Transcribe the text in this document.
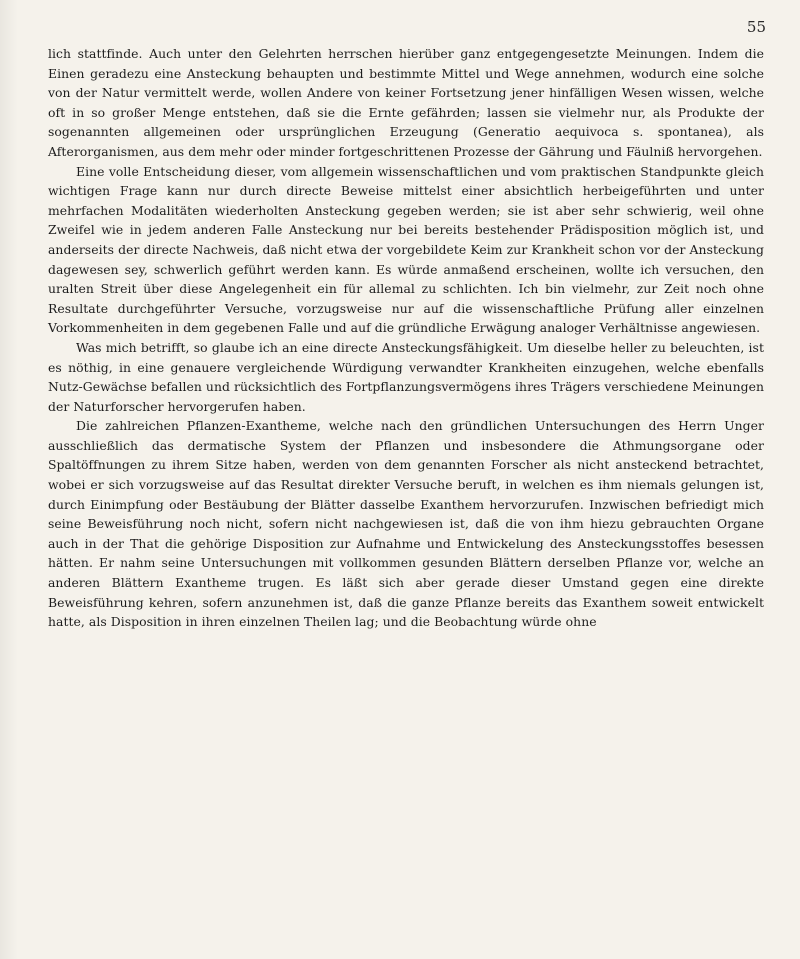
55

lich stattfinde. Auch unter den Gelehrten herrschen hierüber ganz entgegengesetzte Meinungen. Indem die Einen geradezu eine Ansteckung behaupten und bestimmte Mittel und Wege annehmen, wodurch eine solche von der Natur vermittelt werde, wollen Andere von keiner Fortsetzung jener hinfälligen Wesen wissen, welche oft in so großer Menge entstehen, daß sie die Ernte gefährden; lassen sie vielmehr nur, als Produkte der sogenannten allgemeinen oder ursprünglichen Erzeugung (Generatio aequivoca s. spontanea), als Afterorganismen, aus dem mehr oder minder fortgeschrittenen Prozesse der Gährung und Fäulniß hervorgehen.

Eine volle Entscheidung dieser, vom allgemein wissenschaftlichen und vom praktischen Standpunkte gleich wichtigen Frage kann nur durch directe Beweise mittelst einer absichtlich herbeigeführten und unter mehrfachen Modalitäten wiederholten Ansteckung gegeben werden; sie ist aber sehr schwierig, weil ohne Zweifel wie in jedem anderen Falle Ansteckung nur bei bereits bestehender Prädisposition möglich ist, und anderseits der directe Nachweis, daß nicht etwa der vorgebildete Keim zur Krankheit schon vor der Ansteckung dagewesen sey, schwerlich geführt werden kann. Es würde anmaßend erscheinen, wollte ich versuchen, den uralten Streit über diese Angelegenheit ein für allemal zu schlichten. Ich bin vielmehr, zur Zeit noch ohne Resultate durchgeführter Versuche, vorzugsweise nur auf die wissenschaftliche Prüfung aller einzelnen Vorkommenheiten in dem gegebenen Falle und auf die gründliche Erwägung analoger Verhältnisse angewiesen.

Was mich betrifft, so glaube ich an eine directe Ansteckungsfähigkeit. Um dieselbe heller zu beleuchten, ist es nöthig, in eine genauere vergleichende Würdigung verwandter Krankheiten einzugehen, welche ebenfalls Nutz-Gewächse befallen und rücksichtlich des Fortpflanzungsvermögens ihres Trägers verschiedene Meinungen der Naturforscher hervorgerufen haben.

Die zahlreichen Pflanzen-Exantheme, welche nach den gründlichen Untersuchungen des Herrn Unger ausschließlich das dermatische System der Pflanzen und insbesondere die Athmungsorgane oder Spaltöffnungen zu ihrem Sitze haben, werden von dem genannten Forscher als nicht ansteckend betrachtet, wobei er sich vorzugsweise auf das Resultat direkter Versuche beruft, in welchen es ihm niemals gelungen ist, durch Einimpfung oder Bestäubung der Blätter dasselbe Exanthem hervorzurufen. Inzwischen befriedigt mich seine Beweisführung noch nicht, sofern nicht nachgewiesen ist, daß die von ihm hiezu gebrauchten Organe auch in der That die gehörige Disposition zur Aufnahme und Entwickelung des Ansteckungsstoffes besessen hätten. Er nahm seine Untersuchungen mit vollkommen gesunden Blättern derselben Pflanze vor, welche an anderen Blättern Exantheme trugen. Es läßt sich aber gerade dieser Umstand gegen eine direkte Beweisführung kehren, sofern anzunehmen ist, daß die ganze Pflanze bereits das Exanthem soweit entwickelt hatte, als Disposition in ihren einzelnen Theilen lag; und die Beobachtung würde ohne
